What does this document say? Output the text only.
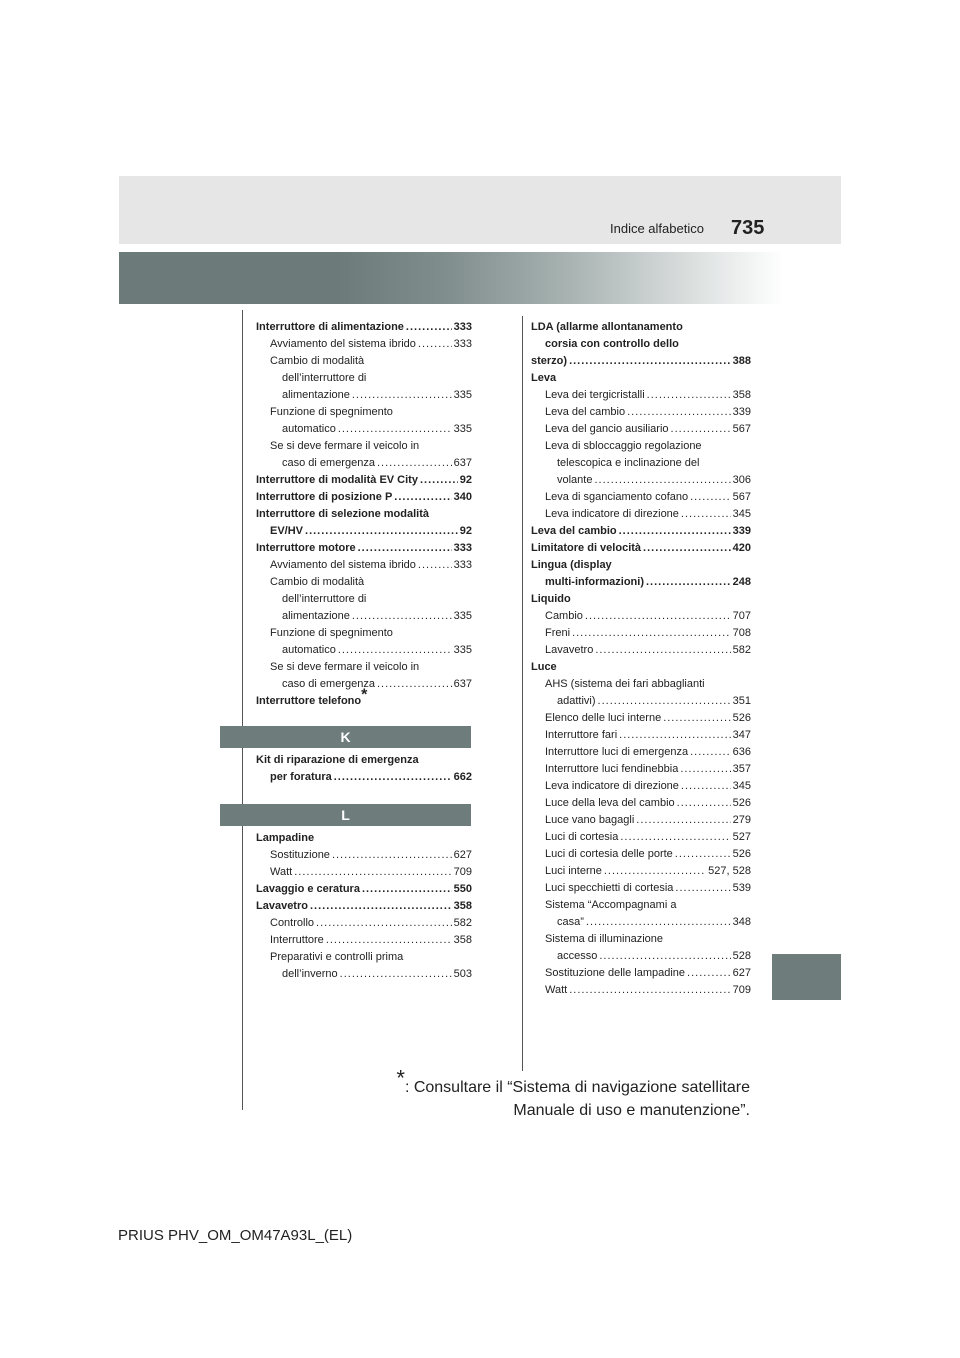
Indice alfabetico 735
Interruttore di alimentazione .....	333
Avviamento del sistema ibrido .....	333
Cambio di modalità
dell’interruttore di
alimentazione .....	335
Funzione di spegnimento
automatico .....	335
Se si deve fermare il veicolo in
caso di emergenza .....	637
Interruttore di modalità EV City .....	92
Interruttore di posizione P .....	340
Interruttore di selezione modalità
EV/HV .....	92
Interruttore motore .....	333
Avviamento del sistema ibrido .....	333
Cambio di modalità
dell’interruttore di
alimentazione .....	335
Funzione di spegnimento
automatico .....	335
Se si deve fermare il veicolo in
caso di emergenza .....	637
Interruttore telefono*
K
Kit di riparazione di emergenza
per foratura .....	662
L
Lampadine
Sostituzione .....	627
Watt .....	709
Lavaggio e ceratura .....	550
Lavavetro .....	358
Controllo .....	582
Interruttore .....	358
Preparativi e controlli prima
dell’inverno .....	503
LDA (allarme allontanamento
corsia con controllo dello
sterzo) .....	388
Leva
Leva dei tergicristalli .....	358
Leva del cambio .....	339
Leva del gancio ausiliario .....	567
Leva di sbloccaggio regolazione
telescopica e inclinazione del
volante .....	306
Leva di sganciamento cofano .....	567
Leva indicatore di direzione .....	345
Leva del cambio .....	339
Limitatore di velocità .....	420
Lingua (display
multi-informazioni) .....	248
Liquido
Cambio .....	707
Freni .....	708
Lavavetro .....	582
Luce
AHS (sistema dei fari abbaglianti
adattivi) .....	351
Elenco delle luci interne .....	526
Interruttore fari .....	347
Interruttore luci di emergenza .....	636
Interruttore luci fendinebbia .....	357
Leva indicatore di direzione .....	345
Luce della leva del cambio .....	526
Luce vano bagagli .....	279
Luci di cortesia .....	527
Luci di cortesia delle porte .....	526
Luci interne .....	527, 528
Luci specchietti di cortesia .....	539
Sistema “Accompagnami a
casa” .....	348
Sistema di illuminazione
accesso .....	528
Sostituzione delle lampadine .....	627
Watt .....	709
*: Consultare il “Sistema di navigazione satellitare
Manuale di uso e manutenzione”.
PRIUS PHV_OM_OM47A93L_(EL)
